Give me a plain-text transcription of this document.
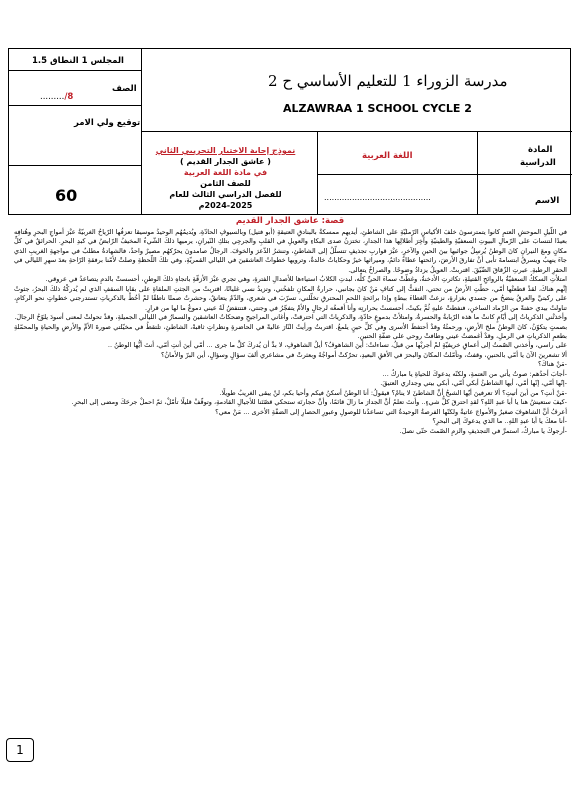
المجلس 1 النطاق 1.5
الصف
........./8
توقيع ولي الامر
مدرسة الزوراء 1 للتعليم الأساسي ح 2
ALZAWRAA 1 SCHOOL CYCLE 2
نموذج إجابة الاختبار التجريبي الثاني
( عاشق الجدار القديم )
في مادة اللغة العربية
للصف الثامن
للفصل الدراسي الثالث للعام
2024-2025م
60
المادة
الدراسية
اللغة العربية
الاسم
..........................................
قصة: عاشق الجدار القديم

في اللّيلِ الموحشِ العتمِ كانوا يتمترسونَ خلفَ الأكياسِ الرّمليّةِ على الشاطئِ، أيديهم ممسكةٌ بالبنادقِ العتيقةِ (أبو فتيل) وبالسيوفِ الحادّةِ، ويُديمُهُم الوحيدُ موسيقا تعزفُها الرّياحُ الغربيّةُ عبْرَ أمواجِ البحرِ وهُتافِه بعيدًا لتنسابَ على الرّمالِ البيوتِ السعفيّةِ والطينيّةِ وآخِرَ أطلالِها هذا الجدارِ، تختزنُ صدى البكاءِ والعويلِ في القلبِ والجرحِي بتلكِ النّيرانِ، يرميها ذلكَ الشّيءُ المخيفُ الرّابضُ في كبدِ البحرِ. الحرائقُ في كلِّ مكانٍ ومعَ النيرانِ كانَ الوطنُ يُرسِلُ جوائبها بينَ الحينِ والآخرِ، عبْرَ قواربِ تجذيفٍ تتسلّلُ إلى الشاطئِ، وتنشرُ الذّعرَ والخوفَ. الرجالُ صامدونَ يحرّكهُم مصيرٌ واحدٌ، فالشهادةُ مطلبٌ في مواجهةِ الغريبِ الذي جاءَ ينهبُ ويسرقُ ابتسامةَ تأبى أنْ تفارقَ الأرضَ، رائحتها عطاءٌ دائمٌ، وميراثها خيرٌ وحكاياتٌ خالدةٌ، وترويها خطواتُ العاشقينَ في الليالي القمريّةِ، وفي تلكَ اللّحظةِ وصلتْ لأمّنا برفقةِ الرّاحةِ بعدَ سهرِ الليالي في الحقرِ الرطبةِ. عبرتِ الزّقاقَ الضّيّقَ. اقتربتْ. العويلُ يزدادُ وضوحًا. والصراخُ يتعالى.

امتلأتِ السككُ السعفيّةُ بالروائحِ القتيلةِ، تكاثرتِ الأدخنةُ، وغطّتْ سماءَ الحيِّ كلِّه، لبدتِ الكلابُ استياءها للأصدالِ الفترةِ، وهي تجري عبْرَ الأزقّةِ باتجاهِ ذلكَ الوطنِ، أحسستْ بالدمِ يتصاعدُ في عروقي.

إنَّهم هناكَ، لقدْ قطعتْها أمّي، حطّتِ الأرضُ من تحتي، التفتُّ إلى كتافِ مَنْ كانَ بجانبي، حرارةُ المكانِ تلفحُني، وتزيدُ نسي غليانًا، اقتربتُ من الجثتِ الملقاةِ على بقايا السقفِ الذي لم يُدركْهُ ذلكَ البحرُ، جثوتُ على ركبتيَّ والعرقُ ينضحُ من جسدي بغزارةٍ، نزعتُ الغطاءَ ببطءٍ وإذا برائحةِ اللحمِ المحترقِ تخلّلني، تسرّبَ في شعري، والدّمُ يتعانقُ، وحشرتُ صمتًا ناطقًا لمْ أحُطْ بالذكرياتِ تستدرجني خطواتٍ نحو الركامِ، تناولتُ بيدي حفنةً من الرّماد الساخنِ، فنفطتْ عليهِ ثُمَّ بكيتُ، أحسستُ بحرارتِه وأنا أقمعُه لرجالٍ والأمْ يتفجّرُ في وجنتي، فتنتفضُ لَهُ عيني دموعٌ ما لها من قرارٍ.

وأخذتْني الذكرياتُ إلى أيّامٍ كانتْ ما هذه الرّبابةُ والحسرةُ، وامتلأتْ بدموعٍ حادّةٍ، والذكرياتُ التي احترقتْ، وأغاني المراجيحِ وضحكاتُ العاشقينَ والسمارُ في الليالي الجميلةِ، وقدْ تحولتْ لمعنى أسودَ يلوّحُ الرجالَ.

بصمتٍ يتكوّنُ، كانَ الوطنُ ملحَ الأرضِ، ورحمتُهُ وقدْ أحتفظَ الأسرى وفي كلِّ حينٍ يلمعُ. اقتربتُ ورأيتُ النّارَ عاليةً في الحاضرةِ ونظراتٍ ثاقبةً، الشاطئِ، تلتقطُ في مخيّلتي صورةَ الأمِّ والأرضِ والحياةِ والمحمّلةِ بطعمِ الذكرياتِ في الرملِ، وقدْ أغمضتُ عيني وطافتْ روحي على ضفّةِ الحنينِ.

على راسي، وأخذني الصّمتُ إلى أعماقٍ خريفيّةٍ لمْ أجربْها من قبلُ، تساءلتُ: أينَ الشاهوفُ؟ أيلُ الشاهوفِ، لا بدَّ أن يُدركَ كلَّ ما جرى ... أمّي أينَ أنتِ أمّي، أنتَ أيُّها الوطنُ ..

ألا تشعرينَ الآنَ يا أمّي بالحنينِ، وقفتُ، وتأمّلتُ المكانَ والبحرَ في الأفقِ البعيدِ، تحرّكتْ أمواجُهُ وبعثرتْ في مشاعري ألفَ سؤالٍ وسؤالٍ، أين البرّ والأمانُ؟

-مَنْ هناكَ؟

-أجابَ أحدُهم: صوتٌ يأتي من العتمةِ، ولكنّه يدعوكَ للحياةِ يا مباركُ ...

-إنّها أمّي، إنّها أمّي، أيها الشاطئُ أبكي أمّي، أبكي بيتي وجداري العتيقَ.

-مَنْ أنتِ؟ من أينَ أتيتِ؟ ألا تعرفينَ أيّها الشبحُ أنَّ الشاطئَ لا ينامُ؟ فيقولُ: أنا الوطنُ أسكنُ فيكم وأحيا بكم، لنْ يبقى الغريبُ طويلًا.

-كيفَ ستعيشُ هنا يا أبا عبدِ اللهِ؟ لقدِ احترقَ كلُّ شيءٍ.. وأنتَ تعلمُ أنَّ الجدارَ ما زالَ قائمًا، وأنَّ حجارتَه ستحكي قصّتَنا للأجيالِ القادمةِ، وتوقّفْ قليلًا تأمّلْ، ثمّ احملْ جرحَكَ ومضى إلى البحرِ.

أعرفُ أنَّ الشاهوفَ صغيرٌ والأمواجَ عاتيةٌ ولكنّها الفرصةُ الوحيدةُ التي تساعدُنا للوصولِ وعبورِ الحصارِ إلى الضفّةِ الأخرى ... مَنْ معي؟

-أنا معكَ يا أبا عبدِ اللهِ.. ما الذي يدعوكَ إلى البحرِ؟

-أرجوكَ يا مباركُ، استمرَّ في التجذيفِ والزمِ الصّمتَ حتّى نصلَ.

1
